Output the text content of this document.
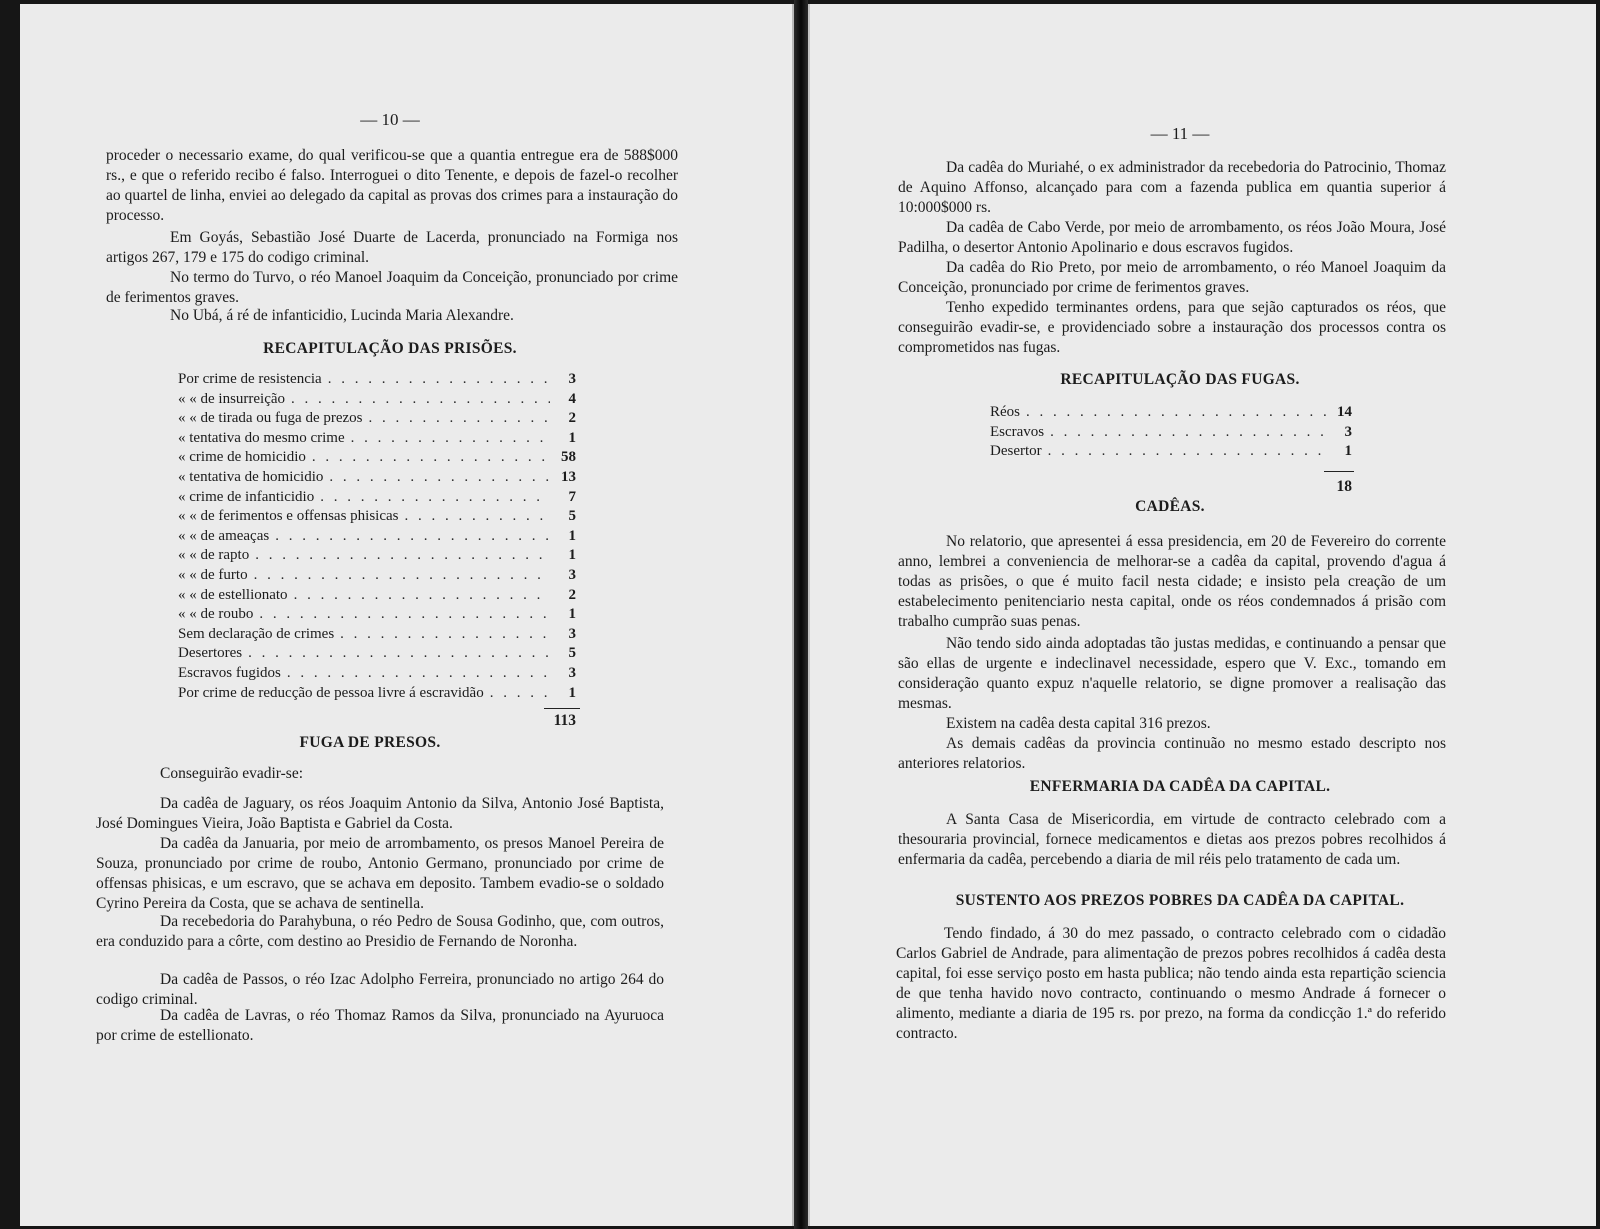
— 10 —

proceder o necessario exame, do qual verificou-se que a quantia entregue era de 588$000 rs., e que o referido recibo é falso. Interroguei o dito Tenente, e depois de fazel-o recolher ao quartel de linha, enviei ao delegado da capital as provas dos crimes para a instauração do processo.

Em Goyás, Sebastião José Duarte de Lacerda, pronunciado na Formiga nos artigos 267, 179 e 175 do codigo criminal.

No termo do Turvo, o réo Manoel Joaquim da Conceição, pronunciado por crime de ferimentos graves.

No Ubá, á ré de infanticidio, Lucinda Maria Alexandre.

RECAPITULAÇÃO DAS PRISÕES.
Por crime de resistencia . . .	3
« « de insurreição . . .	4
« « de tirada ou fuga de prezos . . .	2
« tentativa do mesmo crime . . .	1
« crime de homicidio . . .	58
« tentativa de homicidio . . .	13
« crime de infanticidio . . .	7
« « de ferimentos e offensas phisicas . . .	5
« « de ameaças . . .	1
« « de rapto . . .	1
« « de furto . . .	3
« « de estellionato . . .	2
« « de roubo . . .	1
Sem declaração de crimes . . .	3
Desertores . . .	5
Escravos fugidos . . .	3
Por crime de reducção de pessoa livre á escravidão . . .	1
113
FUGA DE PRESOS.

Conseguirão evadir-se:

Da cadêa de Jaguary, os réos Joaquim Antonio da Silva, Antonio José Baptista, José Domingues Vieira, João Baptista e Gabriel da Costa.

Da cadêa da Januaria, por meio de arrombamento, os presos Manoel Pereira de Souza, pronunciado por crime de roubo, Antonio Germano, pronunciado por crime de offensas phisicas, e um escravo, que se achava em deposito. Tambem evadio-se o soldado Cyrino Pereira da Costa, que se achava de sentinella.

Da recebedoria do Parahybuna, o réo Pedro de Sousa Godinho, que, com outros, era conduzido para a côrte, com destino ao Presidio de Fernando de Noronha.

Da cadêa de Passos, o réo Izac Adolpho Ferreira, pronunciado no artigo 264 do codigo criminal.

Da cadêa de Lavras, o réo Thomaz Ramos da Silva, pronunciado na Ayuruoca por crime de estellionato.

— 11 —

Da cadêa do Muriahé, o ex administrador da recebedoria do Patrocinio, Thomaz de Aquino Affonso, alcançado para com a fazenda publica em quantia superior á 10:000$000 rs.

Da cadêa de Cabo Verde, por meio de arrombamento, os réos João Moura, José Padilha, o desertor Antonio Apolinario e dous escravos fugidos.

Da cadêa do Rio Preto, por meio de arrombamento, o réo Manoel Joaquim da Conceição, pronunciado por crime de ferimentos graves.

Tenho expedido terminantes ordens, para que sejão capturados os réos, que conseguirão evadir-se, e providenciado sobre a instauração dos processos contra os comprometidos nas fugas.

RECAPITULAÇÃO DAS FUGAS.
Réos . . .	14
Escravos . . .	3
Desertor . . .	1
18
CADÊAS.

No relatorio, que apresentei á essa presidencia, em 20 de Fevereiro do corrente anno, lembrei a conveniencia de melhorar-se a cadêa da capital, provendo d'agua á todas as prisões, o que é muito facil nesta cidade; e insisto pela creação de um estabelecimento penitenciario nesta capital, onde os réos condemnados á prisão com trabalho cumprão suas penas.

Não tendo sido ainda adoptadas tão justas medidas, e continuando a pensar que são ellas de urgente e indeclinavel necessidade, espero que V. Exc., tomando em consideração quanto expuz n'aquelle relatorio, se digne promover a realisação das mesmas.

Existem na cadêa desta capital 316 prezos.

As demais cadêas da provincia continuão no mesmo estado descripto nos anteriores relatorios.

ENFERMARIA DA CADÊA DA CAPITAL.

A Santa Casa de Misericordia, em virtude de contracto celebrado com a thesouraria provincial, fornece medicamentos e dietas aos prezos pobres recolhidos á enfermaria da cadêa, percebendo a diaria de mil réis pelo tratamento de cada um.

SUSTENTO AOS PREZOS POBRES DA CADÊA DA CAPITAL.

Tendo findado, á 30 do mez passado, o contracto celebrado com o cidadão Carlos Gabriel de Andrade, para alimentação de prezos pobres recolhidos á cadêa desta capital, foi esse serviço posto em hasta publica; não tendo ainda esta repartição sciencia de que tenha havido novo contracto, continuando o mesmo Andrade á fornecer o alimento, mediante a diaria de 195 rs. por prezo, na forma da condicção 1.ª do referido contracto.
